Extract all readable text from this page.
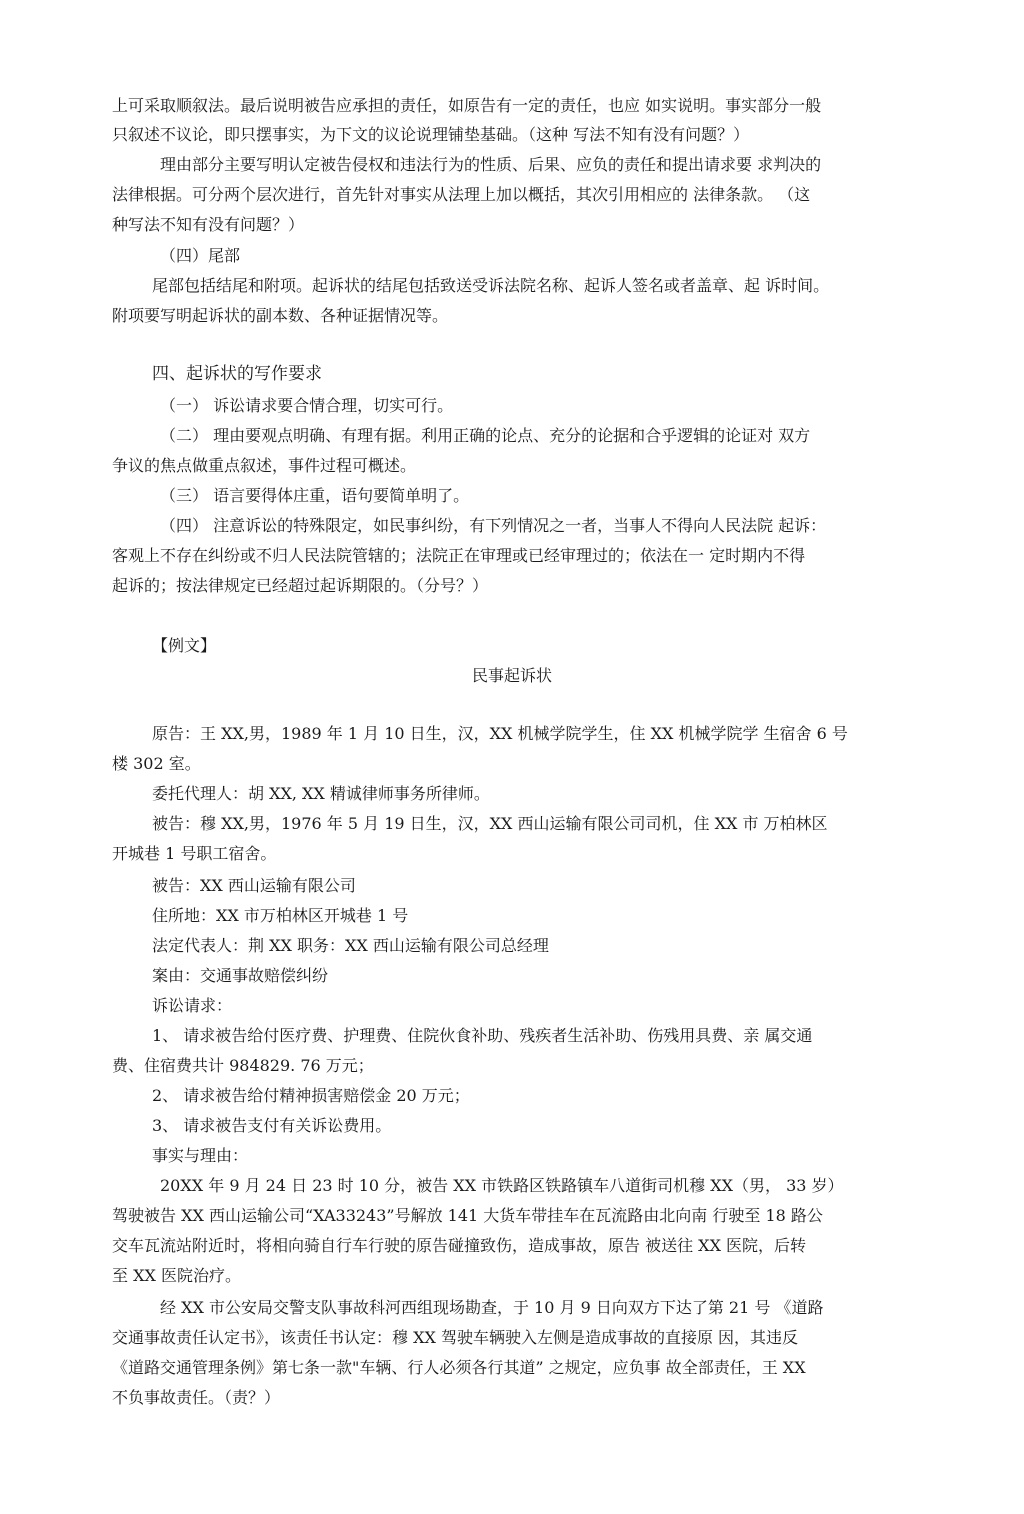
上可采取顺叙法。最后说明被告应承担的责任，如原告有一定的责任，也应 如实说明。事实部分一般
只叙述不议论，即只摆事实，为下文的议论说理铺垫基础。（这种 写法不知有没有问题？）
理由部分主要写明认定被告侵权和违法行为的性质、后果、应负的责任和提出请求要 求判决的
法律根据。可分两个层次进行，首先针对事实从法理上加以概括，其次引用相应的 法律条款。 （这
种写法不知有没有问题？）
（四）尾部
尾部包括结尾和附项。起诉状的结尾包括致送受诉法院名称、起诉人签名或者盖章、起 诉时间。
附项要写明起诉状的副本数、各种证据情况等。
四、起诉状的写作要求
（一） 诉讼请求要合情合理，切实可行。
（二） 理由要观点明确、有理有据。利用正确的论点、充分的论据和合乎逻辑的论证对 双方
争议的焦点做重点叙述，事件过程可概述。
（三） 语言要得体庄重，语句要简单明了。
（四） 注意诉讼的特殊限定，如民事纠纷，有下列情况之一者，当事人不得向人民法院 起诉：
客观上不存在纠纷或不归人民法院管辖的；法院正在审理或已经审理过的；依法在一 定时期内不得
起诉的；按法律规定已经超过起诉期限的。（分号？）
【例文】
民事起诉状
原告：王 XX,男，1989 年 1 月 10 日生，汉，XX 机械学院学生，住 XX 机械学院学 生宿舍 6 号
楼 302 室。
委托代理人：胡 XX, XX 精诚律师事务所律师。
被告：穆 XX,男，1976 年 5 月 19 日生，汉，XX 西山运输有限公司司机，住 XX 市 万柏林区
开城巷 1 号职工宿舍。
被告：XX 西山运输有限公司
住所地：XX 市万柏林区开城巷 1 号
法定代表人：荆 XX 职务：XX 西山运输有限公司总经理
案由：交通事故赔偿纠纷
诉讼请求：
1、 请求被告给付医疗费、护理费、住院伙食补助、残疾者生活补助、伤残用具费、亲 属交通
费、住宿费共计 984829. 76 万元；
2、 请求被告给付精神损害赔偿金 20 万元；
3、 请求被告支付有关诉讼费用。
事实与理由：
20XX 年 9 月 24 日 23 时 10 分，被告 XX 市铁路区铁路镇车八道街司机穆 XX（男， 33 岁）
驾驶被告 XX 西山运输公司“XA33243”号解放 141 大货车带挂车在瓦流路由北向南 行驶至 18 路公
交车瓦流站附近时，将相向骑自行车行驶的原告碰撞致伤，造成事故，原告 被送往 XX 医院，后转
至 XX 医院治疗。
经 XX 市公安局交警支队事故科河西组现场勘查，于 10 月 9 日向双方下达了第 21 号 《道路
交通事故责任认定书》，该责任书认定：穆 XX 驾驶车辆驶入左侧是造成事故的直接原 因，其违反
《道路交通管理条例》第七条一款"车辆、行人必须各行其道” 之规定，应负事 故全部责任，王 XX
不负事故责任。（责？）
